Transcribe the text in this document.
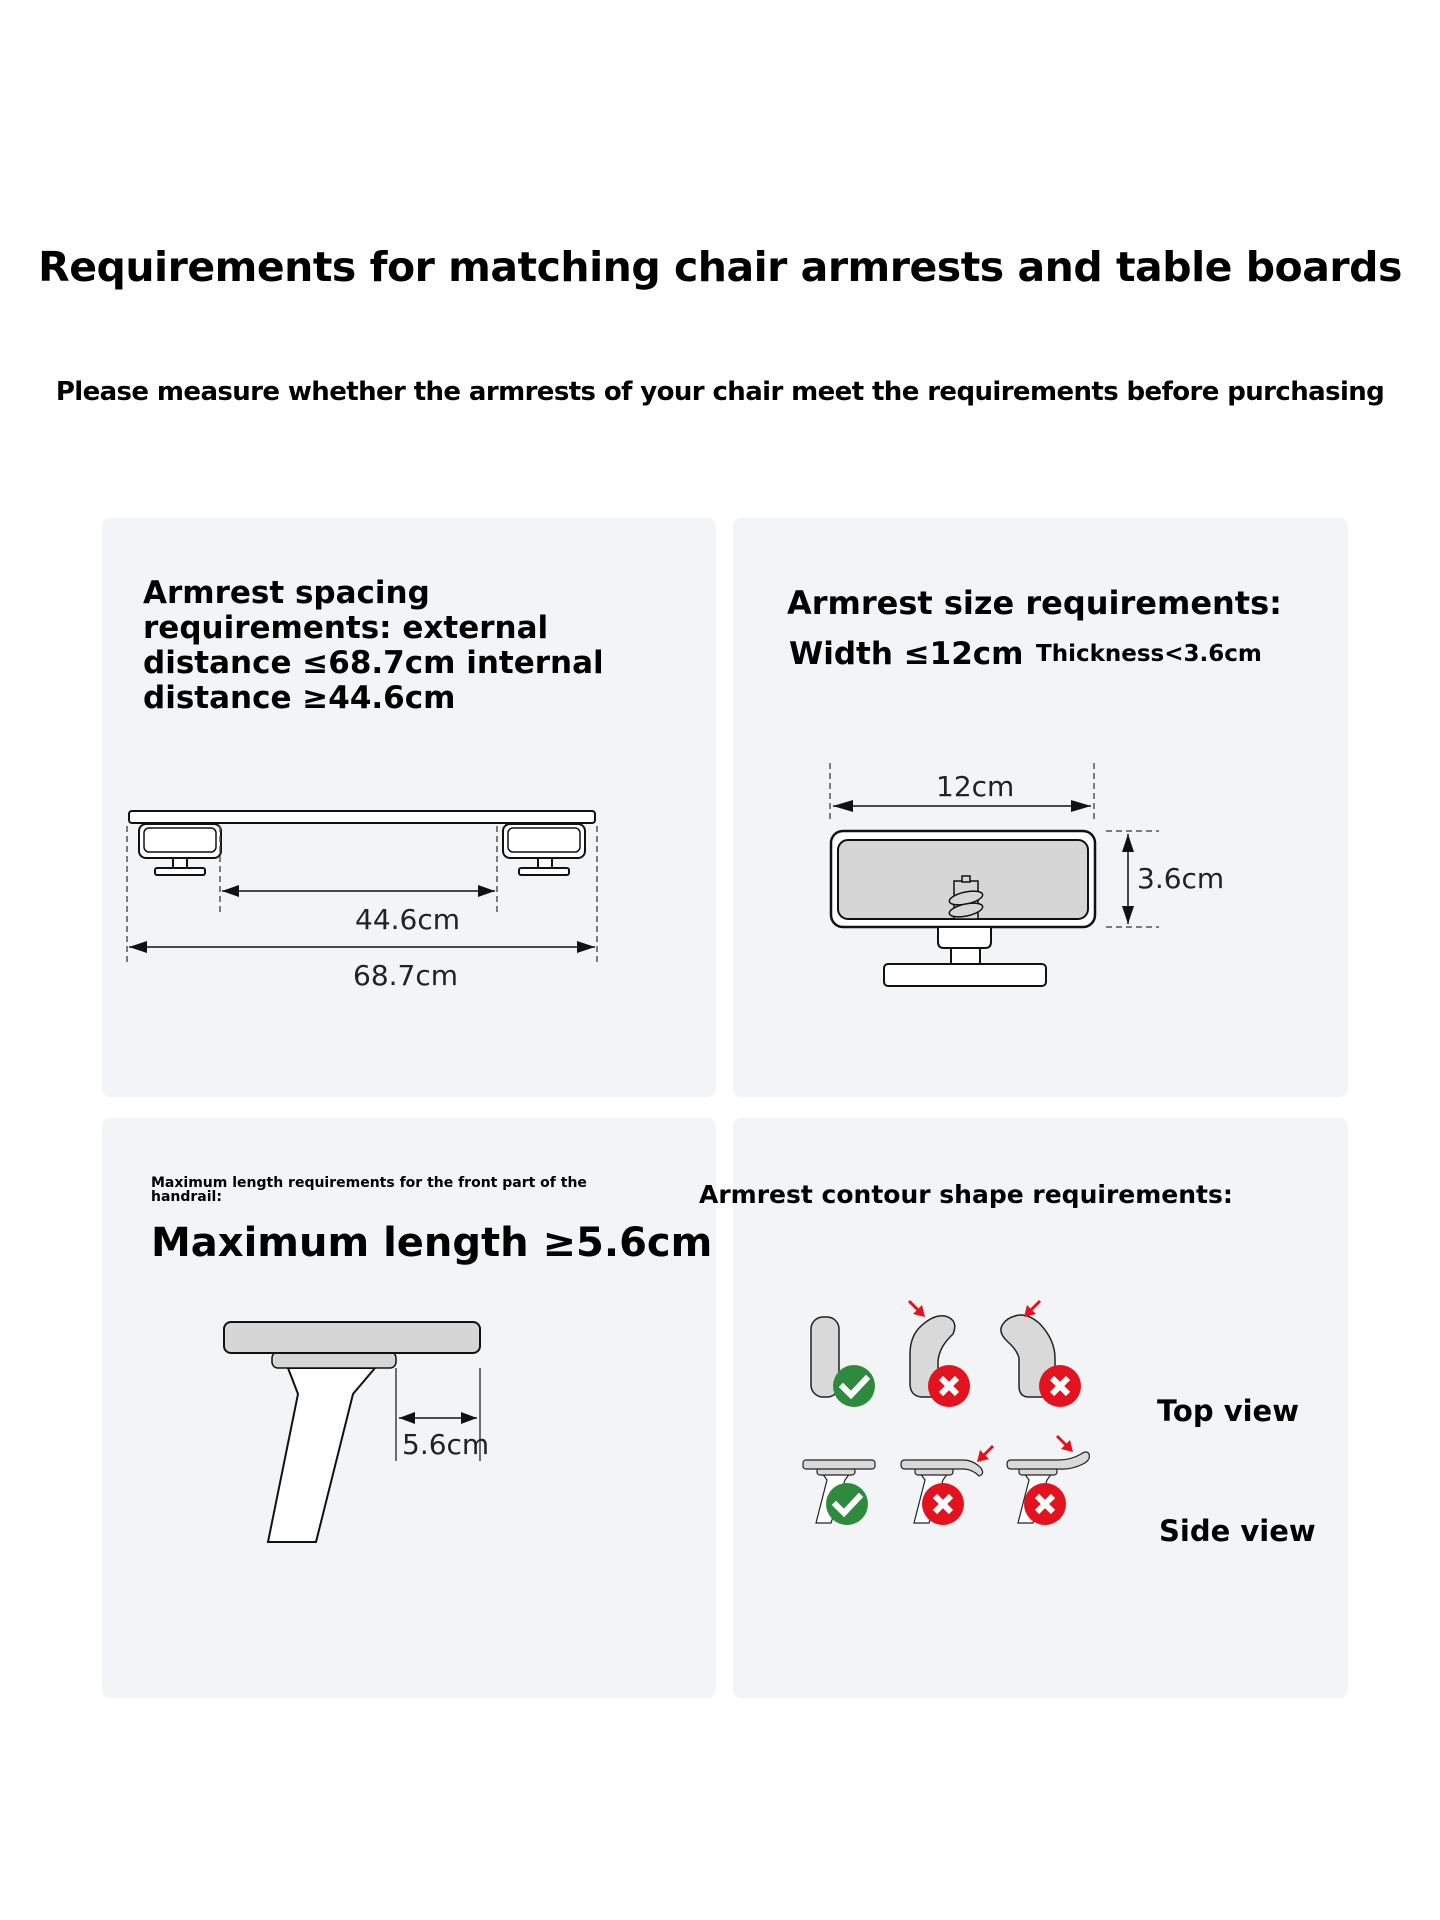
Requirements for matching chair armrests and table boards
Please measure whether the armrests of your chair meet the requirements before purchasing
Armrest spacing requirements: external distance ≤68.7cm internal distance ≥44.6cm
44.6cm
68.7cm
Armrest size requirements:
Width ≤12cm Thickness<3.6cm
12cm
3.6cm
Maximum length requirements for the front part of the handrail:
Maximum length ≥5.6cm
5.6cm
Armrest contour shape requirements:
Top view
Side view
